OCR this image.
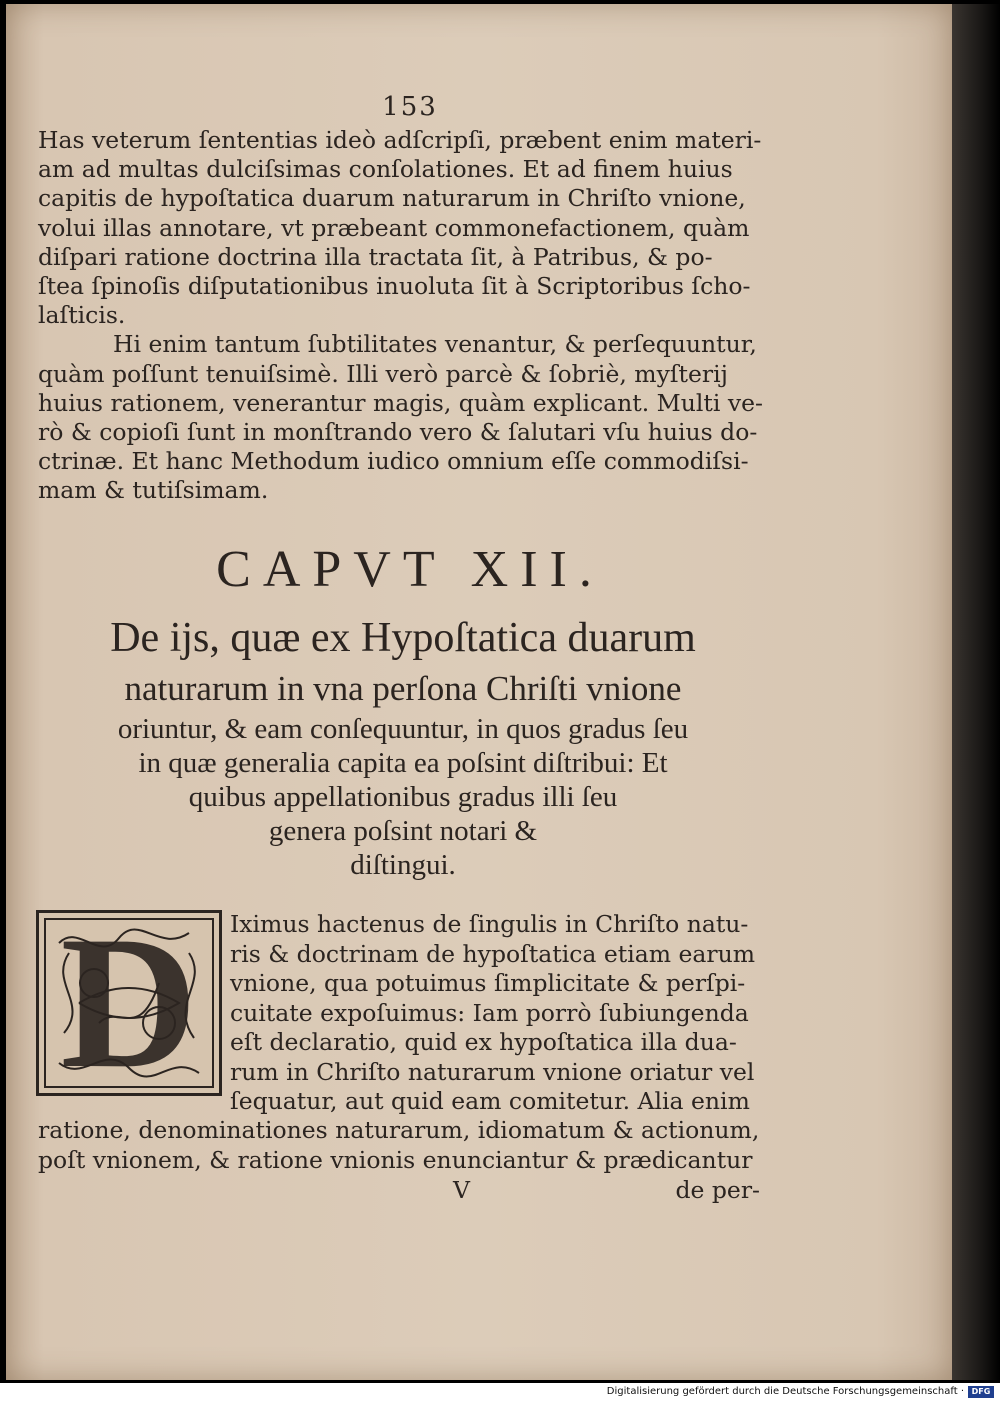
153
Has veterum ſententias ideò adſcripſi, præbent enim materi-
am ad multas dulciſsimas conſolationes. Et ad finem huius
capitis de hypoſtatica duarum naturarum in Chriſto vnione,
volui illas annotare, vt præbeant commonefactionem, quàm
diſpari ratione doctrina illa tractata ſit, à Patribus, & po-
ſtea ſpinoſis diſputationibus inuoluta ſit à Scriptoribus ſcho-
laſticis.
Hi enim tantum ſubtilitates venantur, & perſequuntur,
quàm poſſunt tenuiſsimè. Illi verò parcè & ſobriè, myſterij
huius rationem, venerantur magis, quàm explicant. Multi ve-
rò & copioſi ſunt in monſtrando vero & ſalutari vſu huius do-
ctrinæ. Et hanc Methodum iudico omnium eſſe commodiſsi-
mam & tutiſsimam.
CAPVT XII.
De ijs, quæ ex Hypoſtatica duarum
naturarum in vna perſona Chriſti vnione
oriuntur, & eam conſequuntur, in quos gradus ſeu
in quæ generalia capita ea poſsint diſtribui: Et
quibus appellationibus gradus illi ſeu
genera poſsint notari &
diſtingui.
D	Iximus hactenus de ſingulis in Chriſto natu-
ris & doctrinam de hypoſtatica etiam earum
vnione, qua potuimus ſimplicitate & perſpi-
cuitate expoſuimus: Iam porrò ſubiungenda
eſt declaratio, quid ex hypoſtatica illa dua-
rum in Chriſto naturarum vnione oriatur vel
ſequatur, aut quid eam comitetur. Alia enim
ratione, denominationes naturarum, idiomatum & actionum,
poſt vnionem, & ratione vnionis enunciantur & prædicantur
V	de per-
Digitalisierung gefördert durch die Deutsche Forschungsgemeinschaft · DFG
